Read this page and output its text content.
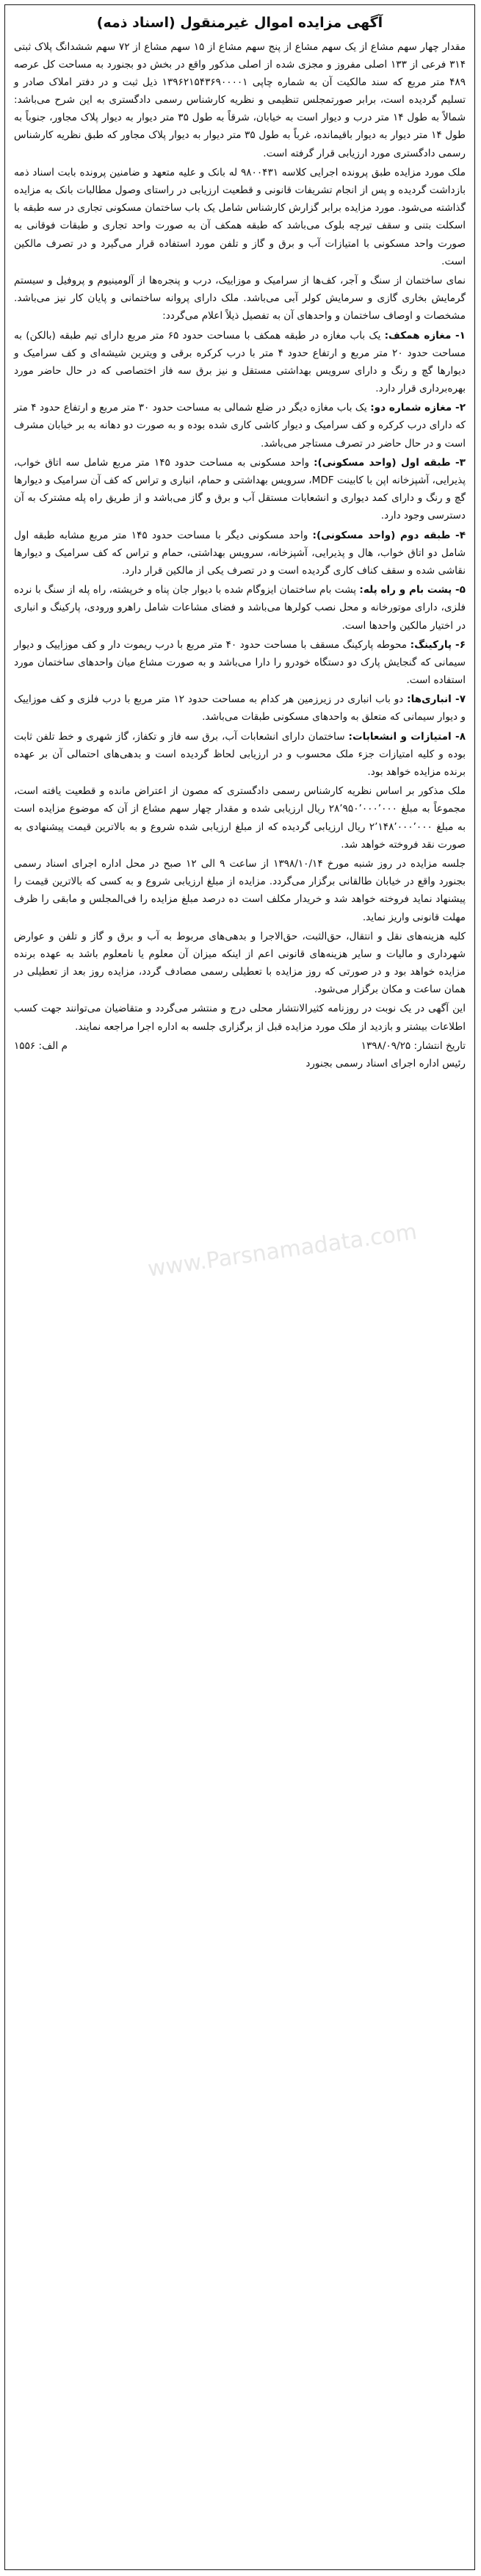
آگهی مزایده اموال غیرمنقول (اسناد ذمه)

مقدار چهار سهم مشاع از یک سهم مشاع از پنج سهم مشاع از ۱۵ سهم مشاع از ۷۲ سهم ششدانگ پلاک ثبتی ۳۱۴ فرعی از ۱۳۳ اصلی مفروز و مجزی شده از اصلی مذکور واقع در بخش دو بجنورد به مساحت کل عرصه ۴۸۹ متر مربع که سند مالکیت آن به شماره چاپی ۱۳۹۶۲۱۵۴۳۶۹۰۰۰۰۱ ذیل ثبت و در دفتر املاک صادر و تسلیم گردیده است، برابر صورتمجلس تنظیمی و نظریه کارشناس رسمی دادگستری به این شرح می‌باشد: شمالاً به طول ۱۴ متر درب و دیوار است به خیابان، شرقاً به طول ۳۵ متر دیوار به دیوار پلاک مجاور، جنوباً به طول ۱۴ متر دیوار به دیوار باقیمانده، غرباً به طول ۳۵ متر دیوار به دیوار پلاک مجاور که طبق نظریه کارشناس رسمی دادگستری مورد ارزیابی قرار گرفته است.

ملک مورد مزایده طبق پرونده اجرایی کلاسه ۹۸۰۰۴۳۱ له بانک و علیه متعهد و ضامنین پرونده بابت اسناد ذمه بازداشت گردیده و پس از انجام تشریفات قانونی و قطعیت ارزیابی در راستای وصول مطالبات بانک به مزایده گذاشته می‌شود. مورد مزایده برابر گزارش کارشناس شامل یک باب ساختمان مسکونی تجاری در سه طبقه با اسکلت بتنی و سقف تیرچه بلوک می‌باشد که طبقه همکف آن به صورت واحد تجاری و طبقات فوقانی به صورت واحد مسکونی با امتیازات آب و برق و گاز و تلفن مورد استفاده قرار می‌گیرد و در تصرف مالکین است.

نمای ساختمان از سنگ و آجر، کف‌ها از سرامیک و موزاییک، درب و پنجره‌ها از آلومینیوم و پروفیل و سیستم گرمایش بخاری گازی و سرمایش کولر آبی می‌باشد. ملک دارای پروانه ساختمانی و پایان کار نیز می‌باشد. مشخصات و اوصاف ساختمان و واحدهای آن به تفصیل ذیلاً اعلام می‌گردد:

۱- مغازه همکف: یک باب مغازه در طبقه همکف با مساحت حدود ۶۵ متر مربع دارای تیم طبقه (بالکن) به مساحت حدود ۲۰ متر مربع و ارتفاع حدود ۴ متر با درب کرکره برقی و ویترین شیشه‌ای و کف سرامیک و دیوارها گچ و رنگ و دارای سرویس بهداشتی مستقل و نیز برق سه فاز اختصاصی که در حال حاضر مورد بهره‌برداری قرار دارد.

۲- مغازه شماره دو: یک باب مغازه دیگر در ضلع شمالی به مساحت حدود ۳۰ متر مربع و ارتفاع حدود ۴ متر که دارای درب کرکره و کف سرامیک و دیوار کاشی کاری شده بوده و به صورت دو دهانه به بر خیابان مشرف است و در حال حاضر در تصرف مستاجر می‌باشد.

۳- طبقه اول (واحد مسکونی): واحد مسکونی به مساحت حدود ۱۴۵ متر مربع شامل سه اتاق خواب، پذیرایی، آشپزخانه اپن با کابینت MDF، سرویس بهداشتی و حمام، انباری و تراس که کف آن سرامیک و دیوارها گچ و رنگ و دارای کمد دیواری و انشعابات مستقل آب و برق و گاز می‌باشد و از طریق راه پله مشترک به آن دسترسی وجود دارد.

۴- طبقه دوم (واحد مسکونی): واحد مسکونی دیگر با مساحت حدود ۱۴۵ متر مربع مشابه طبقه اول شامل دو اتاق خواب، هال و پذیرایی، آشپزخانه، سرویس بهداشتی، حمام و تراس که کف سرامیک و دیوارها نقاشی شده و سقف کناف کاری گردیده است و در تصرف یکی از مالکین قرار دارد.

۵- پشت بام و راه پله: پشت بام ساختمان ایزوگام شده با دیوار جان پناه و خرپشته، راه پله از سنگ با نرده فلزی، دارای موتورخانه و محل نصب کولرها می‌باشد و فضای مشاعات شامل راهرو ورودی، پارکینگ و انباری در اختیار مالکین واحدها است.

۶- پارکینگ: محوطه پارکینگ مسقف با مساحت حدود ۴۰ متر مربع با درب ریموت دار و کف موزاییک و دیوار سیمانی که گنجایش پارک دو دستگاه خودرو را دارا می‌باشد و به صورت مشاع میان واحدهای ساختمان مورد استفاده است.

۷- انباری‌ها: دو باب انباری در زیرزمین هر کدام به مساحت حدود ۱۲ متر مربع با درب فلزی و کف موزاییک و دیوار سیمانی که متعلق به واحدهای مسکونی طبقات می‌باشد.

۸- امتیازات و انشعابات: ساختمان دارای انشعابات آب، برق سه فاز و تکفاز، گاز شهری و خط تلفن ثابت بوده و کلیه امتیازات جزء ملک محسوب و در ارزیابی لحاظ گردیده است و بدهی‌های احتمالی آن بر عهده برنده مزایده خواهد بود.

ملک مذکور بر اساس نظریه کارشناس رسمی دادگستری که مصون از اعتراض مانده و قطعیت یافته است، مجموعاً به مبلغ ۲۸٬۹۵۰٬۰۰۰٬۰۰۰ ریال ارزیابی شده و مقدار چهار سهم مشاع از آن که موضوع مزایده است به مبلغ ۲٬۱۴۸٬۰۰۰٬۰۰۰ ریال ارزیابی گردیده که از مبلغ ارزیابی شده شروع و به بالاترین قیمت پیشنهادی به صورت نقد فروخته خواهد شد.

جلسه مزایده در روز شنبه مورخ ۱۳۹۸/۱۰/۱۴ از ساعت ۹ الی ۱۲ صبح در محل اداره اجرای اسناد رسمی بجنورد واقع در خیابان طالقانی برگزار می‌گردد. مزایده از مبلغ ارزیابی شروع و به کسی که بالاترین قیمت را پیشنهاد نماید فروخته خواهد شد و خریدار مکلف است ده درصد مبلغ مزایده را فی‌المجلس و مابقی را ظرف مهلت قانونی واریز نماید.

کلیه هزینه‌های نقل و انتقال، حق‌الثبت، حق‌الاجرا و بدهی‌های مربوط به آب و برق و گاز و تلفن و عوارض شهرداری و مالیات و سایر هزینه‌های قانونی اعم از اینکه میزان آن معلوم یا نامعلوم باشد به عهده برنده مزایده خواهد بود و در صورتی که روز مزایده با تعطیلی رسمی مصادف گردد، مزایده روز بعد از تعطیلی در همان ساعت و مکان برگزار می‌شود.

این آگهی در یک نوبت در روزنامه کثیرالانتشار محلی درج و منتشر می‌گردد و متقاضیان می‌توانند جهت کسب اطلاعات بیشتر و بازدید از ملک مورد مزایده قبل از برگزاری جلسه به اداره اجرا مراجعه نمایند.

تاریخ انتشار: ۱۳۹۸/۰۹/۲۵
م الف: ۱۵۵۶
رئیس اداره اجرای اسناد رسمی بجنورد
www.Parsnamadata.com
